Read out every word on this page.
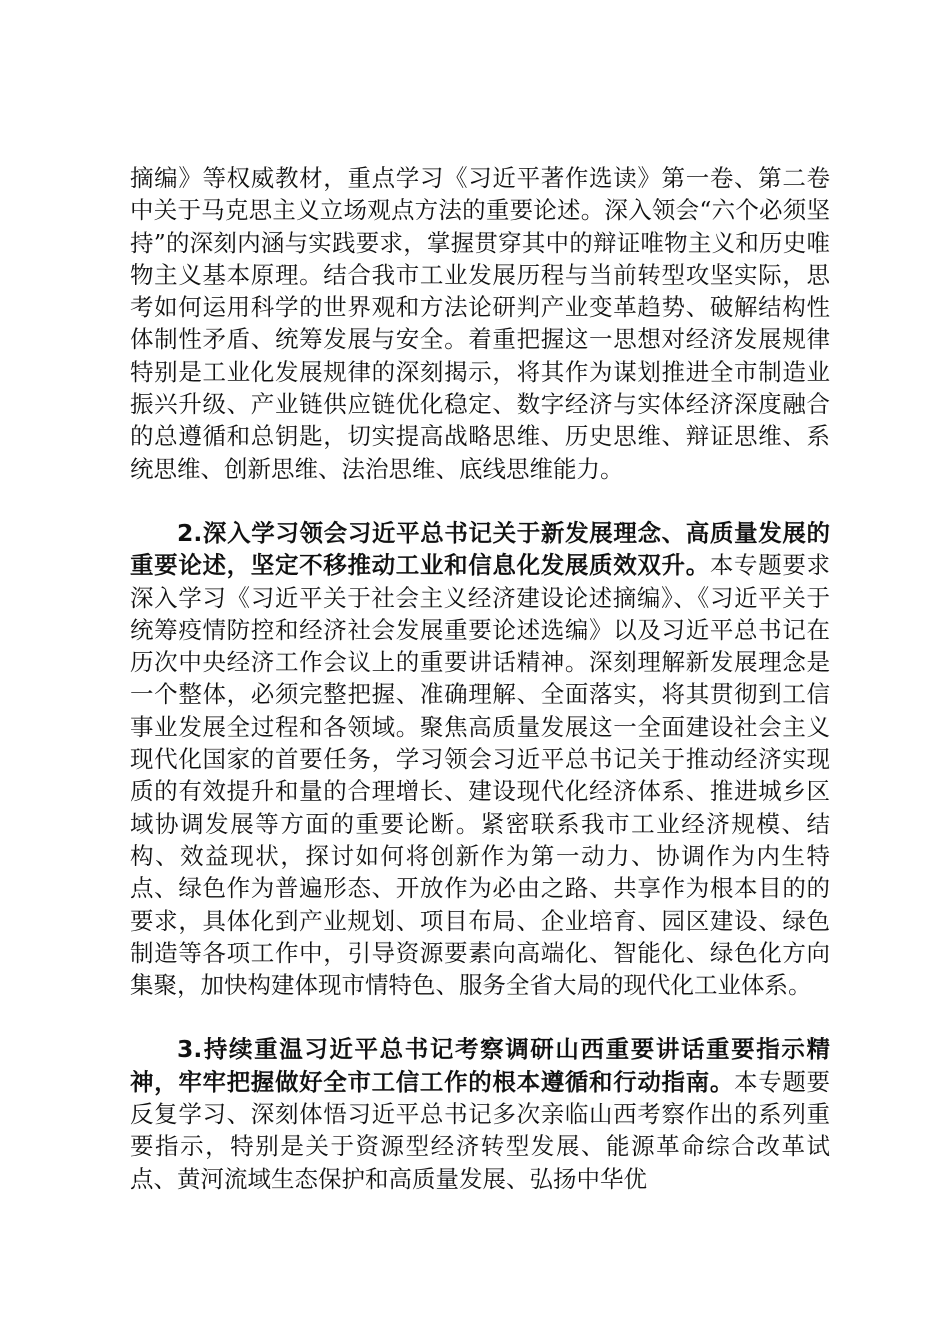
摘编》等权威教材，重点学习《习近平著作选读》第一卷、第二卷中关于马克思主义立场观点方法的重要论述。深入领会“六个必须坚持”的深刻内涵与实践要求，掌握贯穿其中的辩证唯物主义和历史唯物主义基本原理。结合我市工业发展历程与当前转型攻坚实际，思考如何运用科学的世界观和方法论研判产业变革趋势、破解结构性体制性矛盾、统筹发展与安全。着重把握这一思想对经济发展规律特别是工业化发展规律的深刻揭示，将其作为谋划推进全市制造业振兴升级、产业链供应链优化稳定、数字经济与实体经济深度融合的总遵循和总钥匙，切实提高战略思维、历史思维、辩证思维、系统思维、创新思维、法治思维、底线思维能力。

2.深入学习领会习近平总书记关于新发展理念、高质量发展的重要论述，坚定不移推动工业和信息化发展质效双升。本专题要求深入学习《习近平关于社会主义经济建设论述摘编》、《习近平关于统筹疫情防控和经济社会发展重要论述选编》以及习近平总书记在历次中央经济工作会议上的重要讲话精神。深刻理解新发展理念是一个整体，必须完整把握、准确理解、全面落实，将其贯彻到工信事业发展全过程和各领域。聚焦高质量发展这一全面建设社会主义现代化国家的首要任务，学习领会习近平总书记关于推动经济实现质的有效提升和量的合理增长、建设现代化经济体系、推进城乡区域协调发展等方面的重要论断。紧密联系我市工业经济规模、结构、效益现状，探讨如何将创新作为第一动力、协调作为内生特点、绿色作为普遍形态、开放作为必由之路、共享作为根本目的的要求，具体化到产业规划、项目布局、企业培育、园区建设、绿色制造等各项工作中，引导资源要素向高端化、智能化、绿色化方向集聚，加快构建体现市情特色、服务全省大局的现代化工业体系。

3.持续重温习近平总书记考察调研山西重要讲话重要指示精神，牢牢把握做好全市工信工作的根本遵循和行动指南。本专题要反复学习、深刻体悟习近平总书记多次亲临山西考察作出的系列重要指示，特别是关于资源型经济转型发展、能源革命综合改革试点、黄河流域生态保护和高质量发展、弘扬中华优
